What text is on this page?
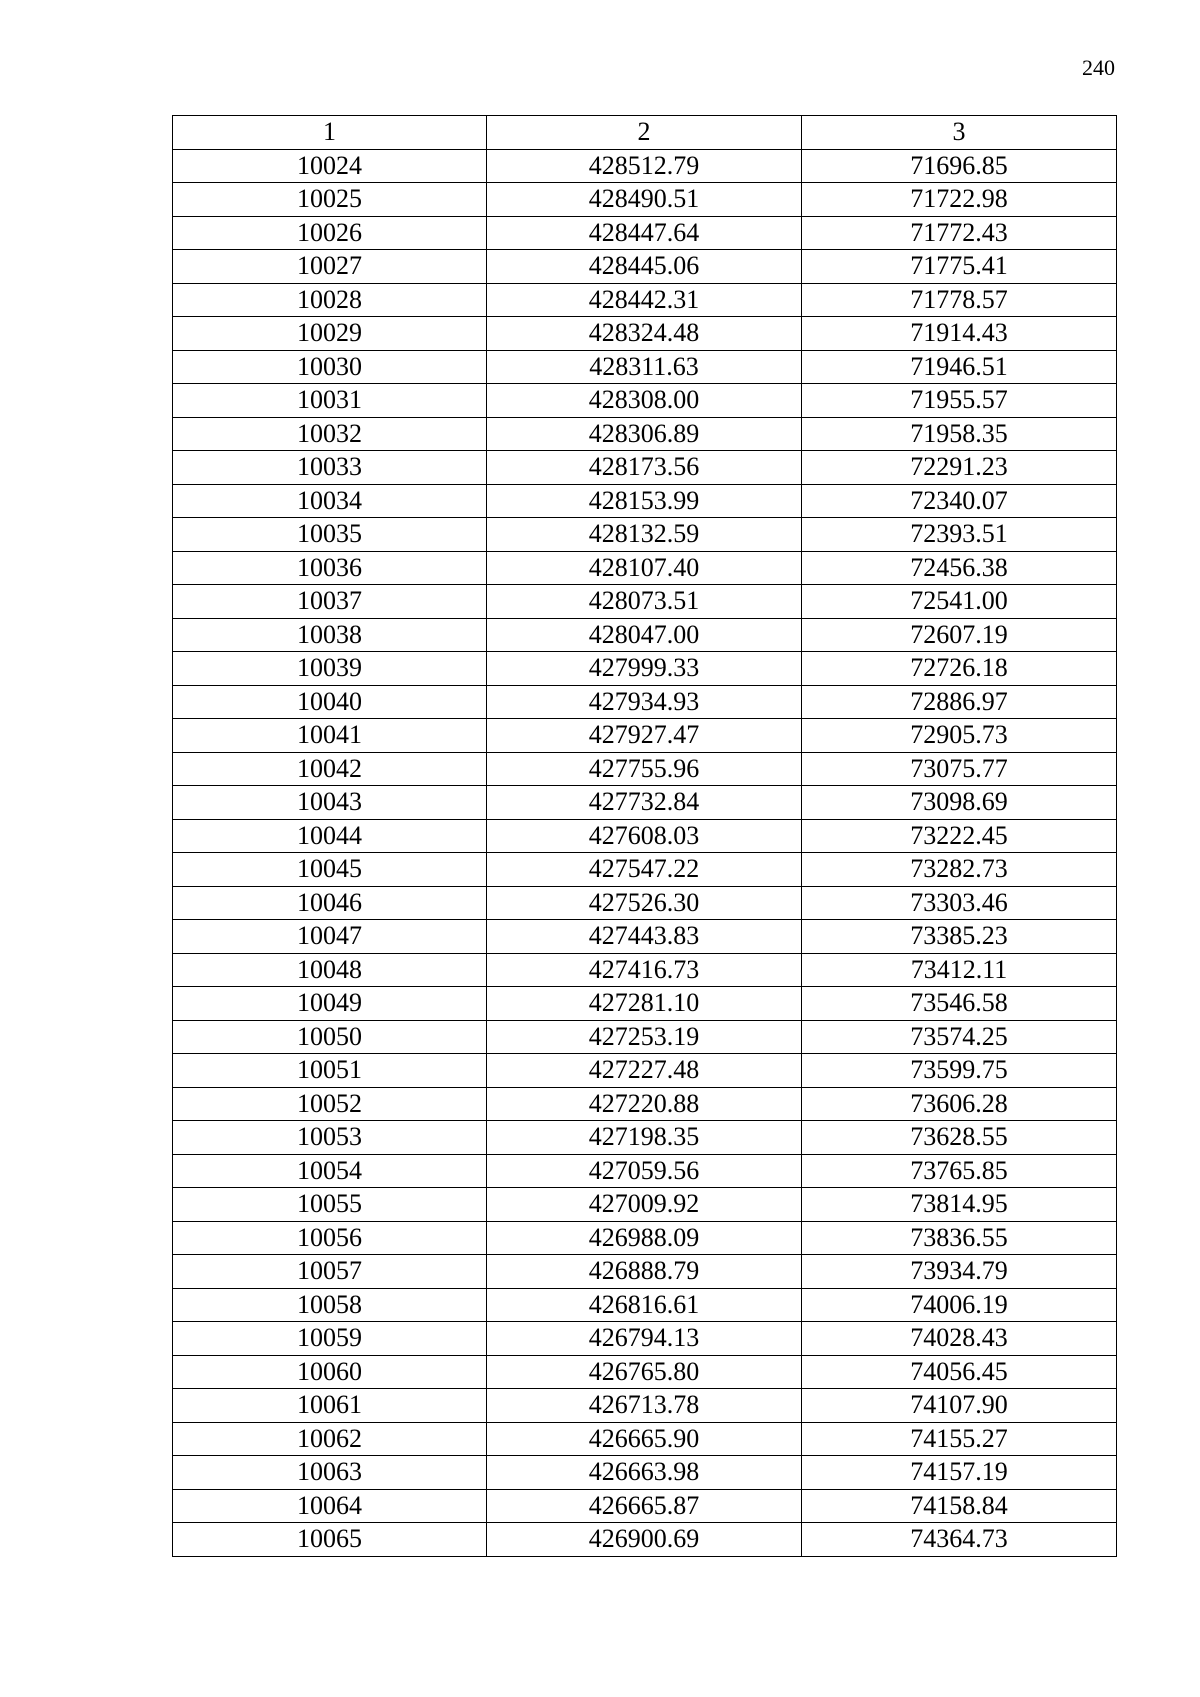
240
1	2	3
10024	428512.79	71696.85
10025	428490.51	71722.98
10026	428447.64	71772.43
10027	428445.06	71775.41
10028	428442.31	71778.57
10029	428324.48	71914.43
10030	428311.63	71946.51
10031	428308.00	71955.57
10032	428306.89	71958.35
10033	428173.56	72291.23
10034	428153.99	72340.07
10035	428132.59	72393.51
10036	428107.40	72456.38
10037	428073.51	72541.00
10038	428047.00	72607.19
10039	427999.33	72726.18
10040	427934.93	72886.97
10041	427927.47	72905.73
10042	427755.96	73075.77
10043	427732.84	73098.69
10044	427608.03	73222.45
10045	427547.22	73282.73
10046	427526.30	73303.46
10047	427443.83	73385.23
10048	427416.73	73412.11
10049	427281.10	73546.58
10050	427253.19	73574.25
10051	427227.48	73599.75
10052	427220.88	73606.28
10053	427198.35	73628.55
10054	427059.56	73765.85
10055	427009.92	73814.95
10056	426988.09	73836.55
10057	426888.79	73934.79
10058	426816.61	74006.19
10059	426794.13	74028.43
10060	426765.80	74056.45
10061	426713.78	74107.90
10062	426665.90	74155.27
10063	426663.98	74157.19
10064	426665.87	74158.84
10065	426900.69	74364.73
